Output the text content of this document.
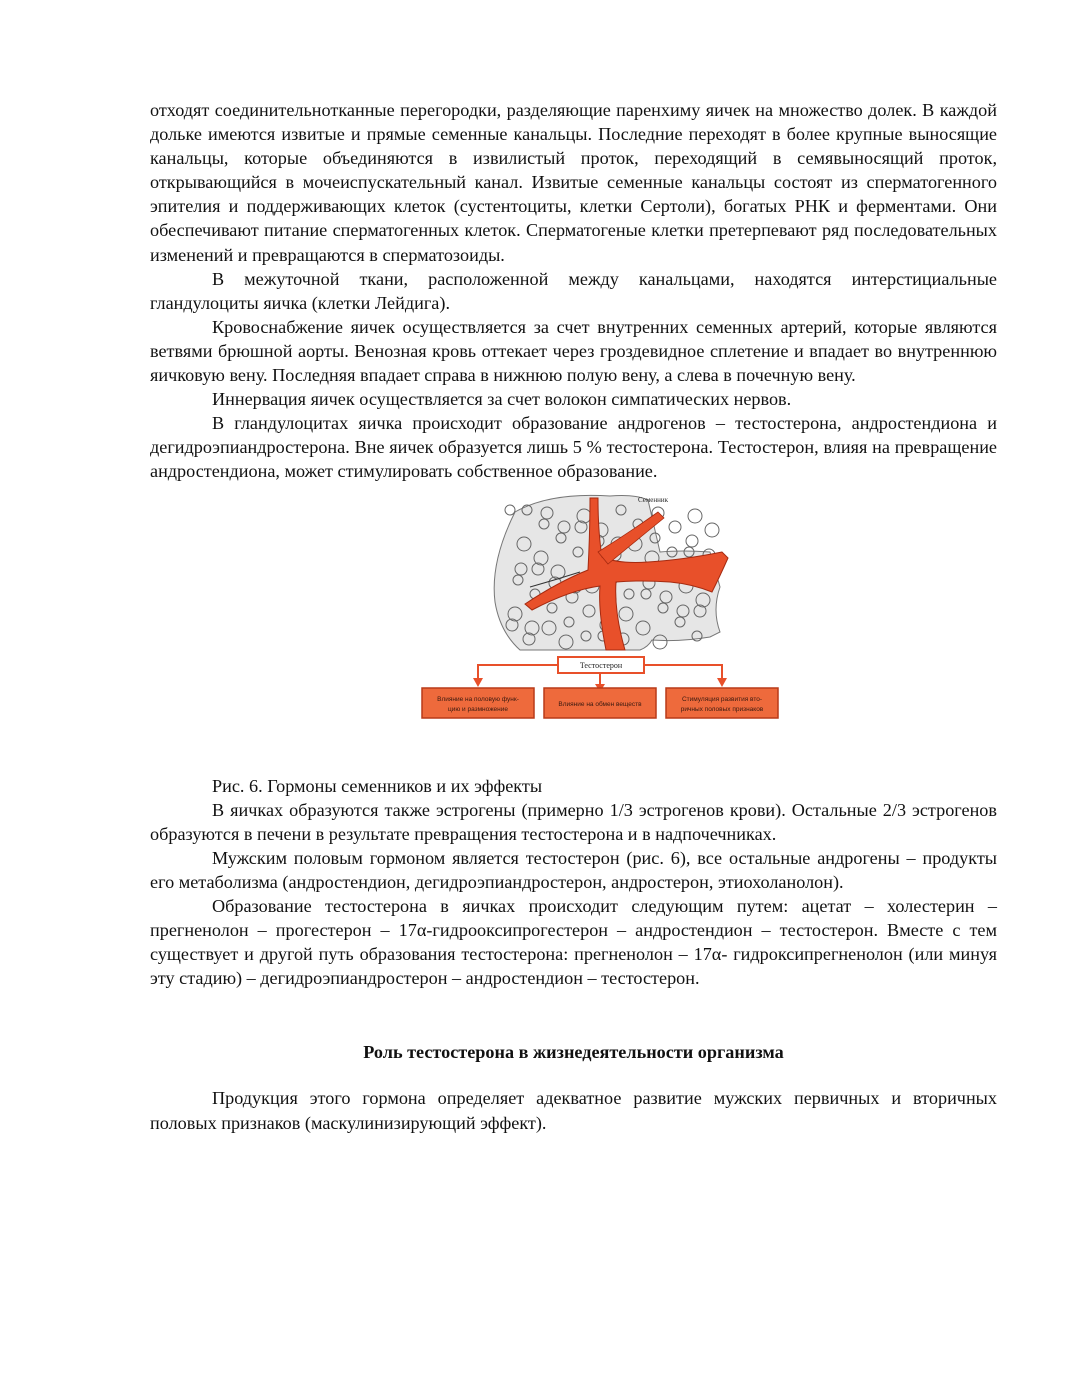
отходят соединительнотканные перегородки, разделяющие паренхиму яичек на множество долек. В каждой дольке имеются извитые и прямые семенные канальцы. Последние переходят в более крупные выносящие канальцы, которые объединяются в извилистый проток, переходящий в семявыносящий проток, открывающийся в мочеиспускательный канал. Извитые семенные канальцы состоят из сперматогенного эпителия и поддерживающих клеток (сустентоциты, клетки Сертоли), богатых РНК и ферментами. Они обеспечивают питание сперматогенных клеток. Сперматогеные клетки претерпевают ряд последовательных изменений и превращаются в сперматозоиды.

В межуточной ткани, расположенной между канальцами, находятся интерстициальные гландулоциты яичка (клетки Лейдига).

Кровоснабжение яичек осуществляется за счет внутренних семенных артерий, которые являются ветвями брюшной аорты. Венозная кровь оттекает через гроздевидное сплетение и впадает во внутреннюю яичковую вену. Последняя впадает справа в нижнюю полую вену, а слева в почечную вену.

Иннервация яичек осуществляется за счет волокон симпатических нервов.

В гландулоцитах яичка происходит образование андрогенов – тестостерона, андростендиона и дегидроэпиандростерона. Вне яичек образуется лишь 5 % тестостерона. Тестостерон, влияя на превращение андростендиона, может стимулировать собственное образование.

Семенник
Тестостерон
Влияние на половую функ-
цию и размножение
Влияние на обмен веществ
Стимуляция развития вто-
ричных половых признаков

Рис. 6. Гормоны семенников и их эффекты

В яичках образуются также эстрогены (примерно 1/3 эстрогенов крови). Остальные 2/3 эстрогенов образуются в печени в результате превращения тестостерона и в надпочечниках.

Мужским половым гормоном является тестостерон (рис. 6), все остальные андрогены – продукты его метаболизма (андростендион, дегидроэпиандростерон, андростерон, этиохоланолон).

Образование тестостерона в яичках происходит следующим путем: ацетат – холестерин – прегненолон – прогестерон – 17α-гидрооксипрогестерон – андростендион – тестостерон. Вместе с тем существует и другой путь образования тестостерона: прегненолон – 17α- гидроксипрегненолон (или минуя эту стадию) – дегидроэпиандростерон – андростендион – тестостерон.

Роль тестостерона в жизнедеятельности организма

Продукция этого гормона определяет адекватное развитие мужских первичных и вторичных половых признаков (маскулинизирующий эффект).
